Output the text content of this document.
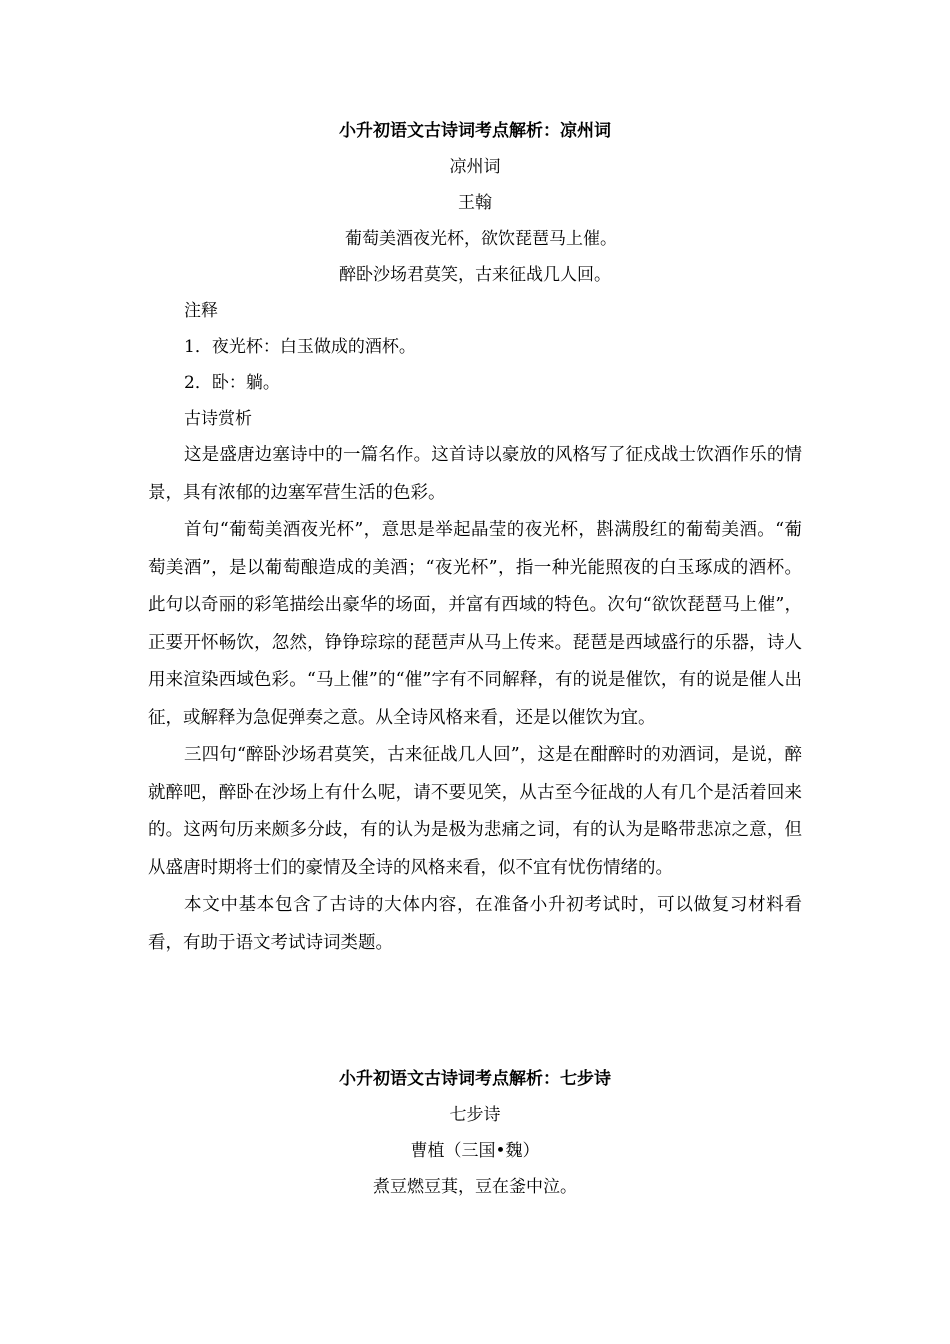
小升初语文古诗词考点解析：凉州词

凉州词

王翰

葡萄美酒夜光杯，欲饮琵琶马上催。

醉卧沙场君莫笑，古来征战几人回。

注释

1．夜光杯：白玉做成的酒杯。

2．卧：躺。

古诗赏析

这是盛唐边塞诗中的一篇名作。这首诗以豪放的风格写了征戍战士饮酒作乐的情景，具有浓郁的边塞军营生活的色彩。

首句“葡萄美酒夜光杯”，意思是举起晶莹的夜光杯，斟满殷红的葡萄美酒。“葡萄美酒”，是以葡萄酿造成的美酒；“夜光杯”，指一种光能照夜的白玉琢成的酒杯。此句以奇丽的彩笔描绘出豪华的场面，并富有西域的特色。次句“欲饮琵琶马上催”，正要开怀畅饮，忽然，铮铮琮琮的琵琶声从马上传来。琵琶是西域盛行的乐器，诗人用来渲染西域色彩。“马上催”的“催”字有不同解释，有的说是催饮，有的说是催人出征，或解释为急促弹奏之意。从全诗风格来看，还是以催饮为宜。

三四句“醉卧沙场君莫笑，古来征战几人回”，这是在酣醉时的劝酒词，是说，醉就醉吧，醉卧在沙场上有什么呢，请不要见笑，从古至今征战的人有几个是活着回来的。这两句历来颇多分歧，有的认为是极为悲痛之词，有的认为是略带悲凉之意，但从盛唐时期将士们的豪情及全诗的风格来看，似不宜有忧伤情绪的。

本文中基本包含了古诗的大体内容，在准备小升初考试时，可以做复习材料看看，有助于语文考试诗词类题。

小升初语文古诗词考点解析：七步诗

七步诗

曹植（三国•魏）

煮豆燃豆萁，豆在釜中泣。
